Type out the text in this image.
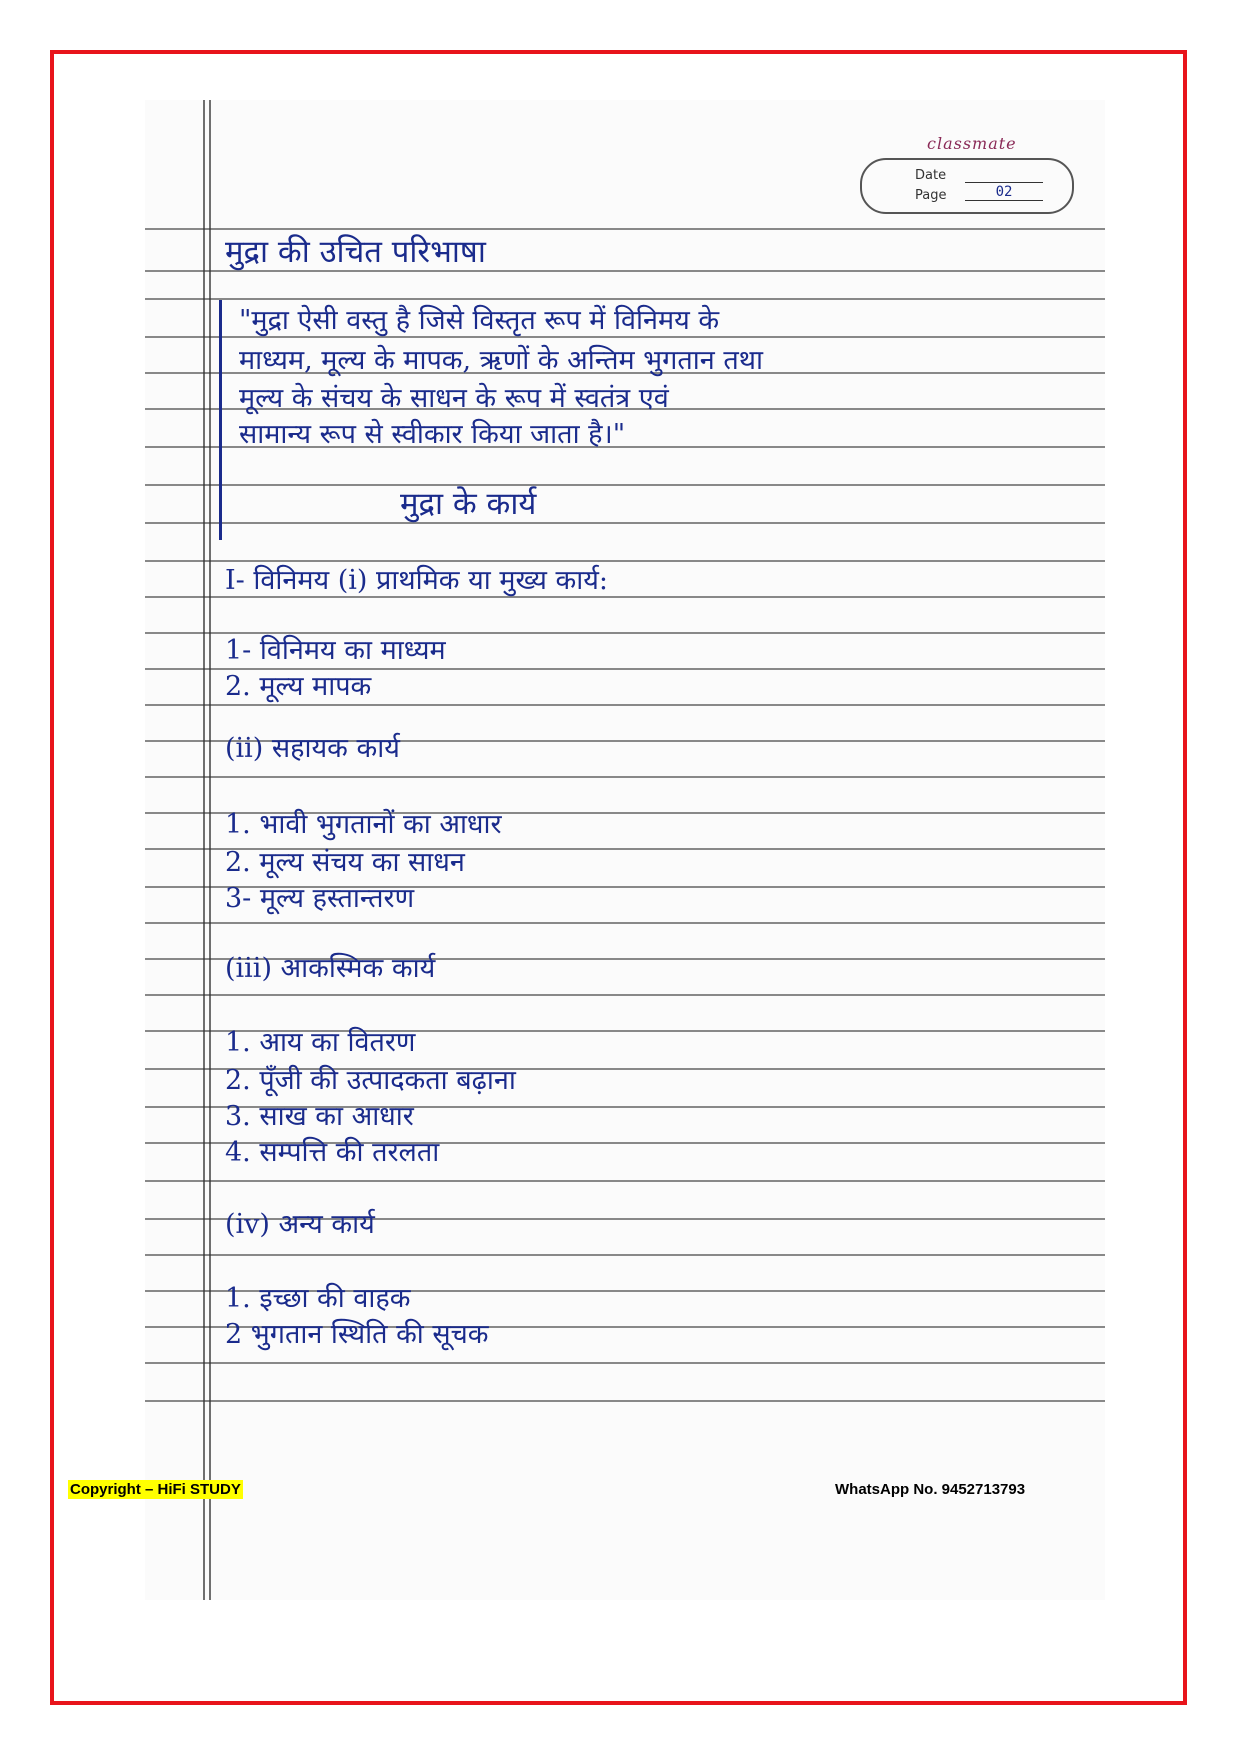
classmate
Date
Page	02
मुद्रा की उचित परिभाषा
"मुद्रा ऐसी वस्तु है जिसे विस्तृत रूप में विनिमय के
माध्यम, मूल्य के मापक, ऋणों के अन्तिम भुगतान तथा
मूल्य के संचय के साधन के रूप में स्वतंत्र एवं
सामान्य रूप से स्वीकार किया जाता है।"
मुद्रा के कार्य
I- विनिमय (i) प्राथमिक या मुख्य कार्य:
1- विनिमय का माध्यम
2. मूल्य मापक
(ii) सहायक कार्य
1. भावी भुगतानों का आधार
2. मूल्य संचय का साधन
3- मूल्य हस्तान्तरण
(iii) आकस्मिक कार्य
1. आय का वितरण
2. पूँजी की उत्पादकता बढ़ाना
3. साख का आधार
4. सम्पत्ति की तरलता
(iv) अन्य कार्य
1. इच्छा की वाहक
2 भुगतान स्थिति की सूचक
Copyright – HiFi STUDY	WhatsApp No. 9452713793
